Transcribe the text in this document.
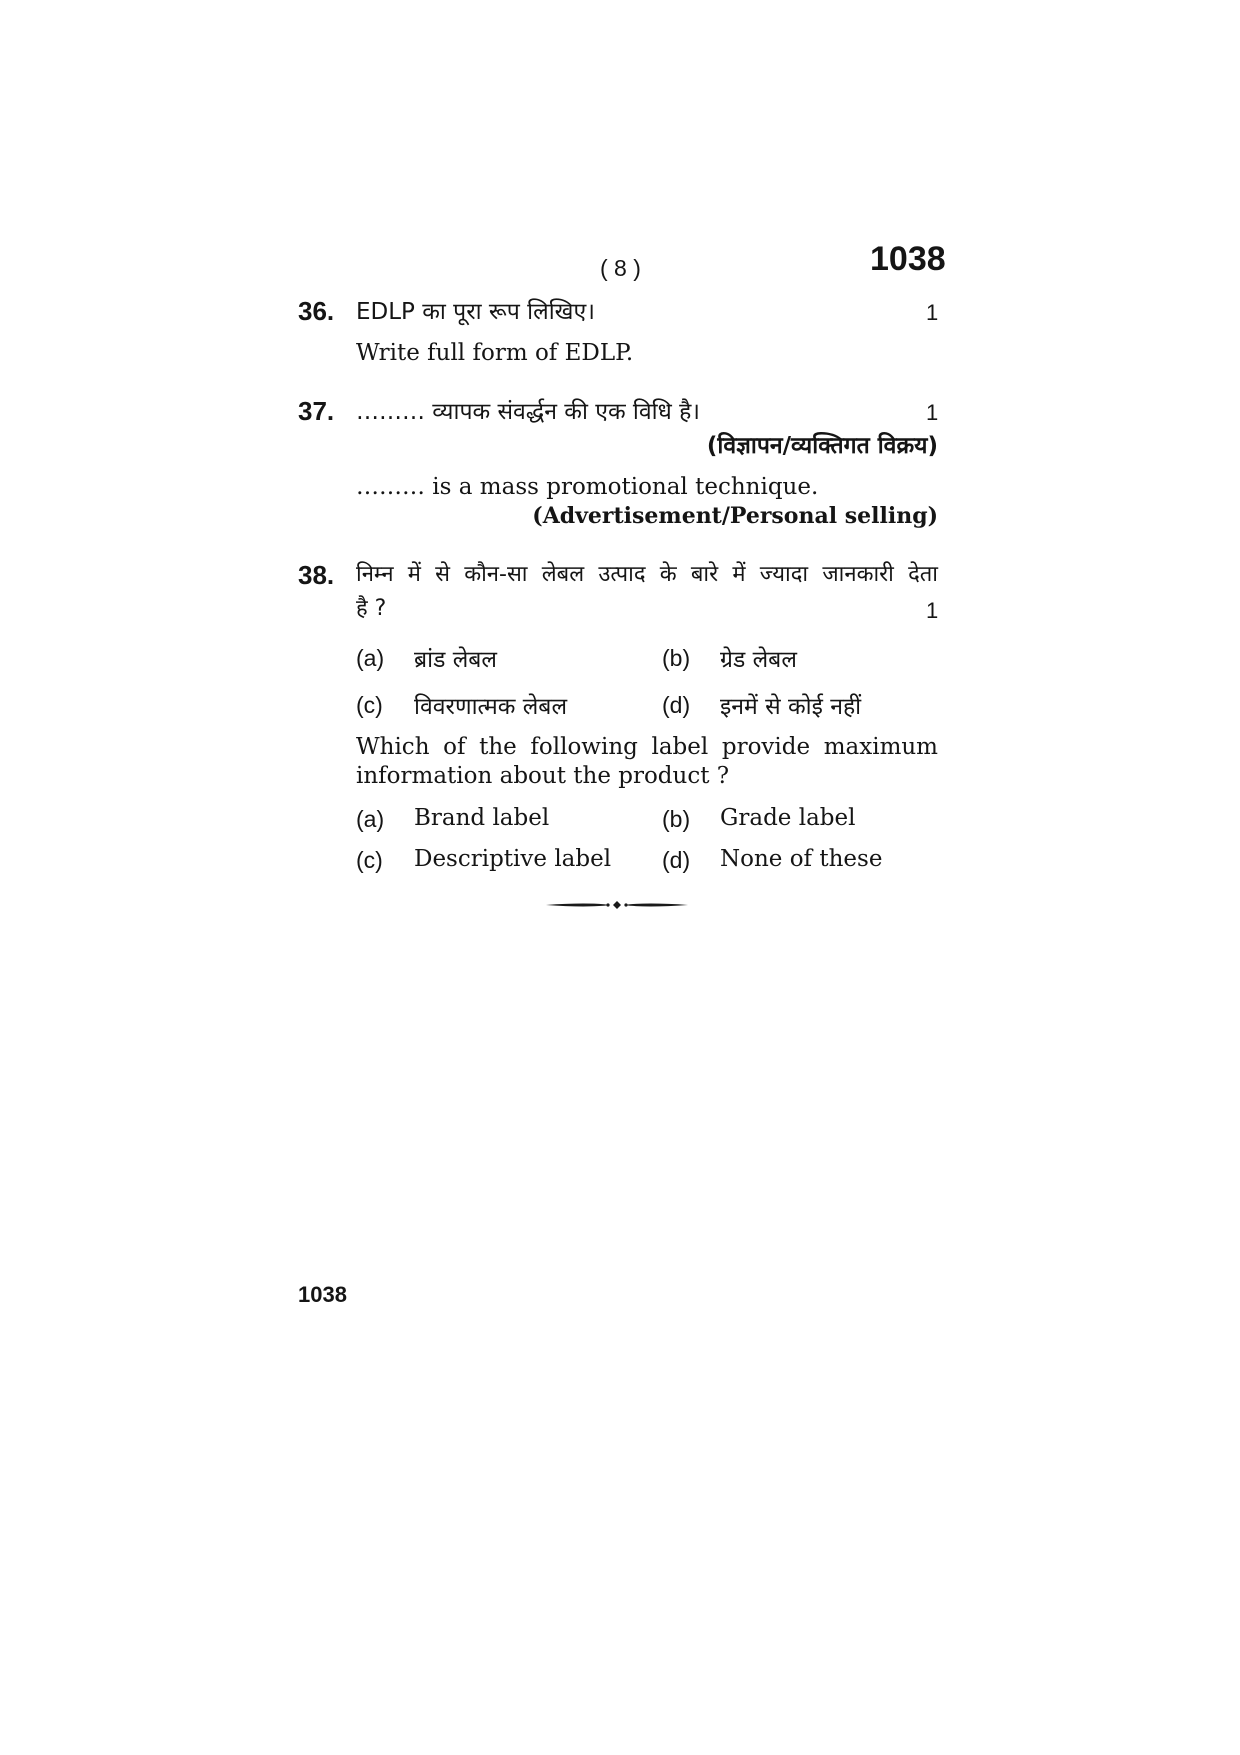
( 8 )	1038
36. EDLP का पूरा रूप लिखिए।	1
Write full form of EDLP.
37. ……… व्यापक संवर्द्धन की एक विधि है।	1
(विज्ञापन/व्यक्तिगत विक्रय)
……… is a mass promotional technique.
(Advertisement/Personal selling)
38. निम्न में से कौन-सा लेबल उत्पाद के बारे में ज्यादा जानकारी देता
है ?	1
(a) ब्रांड लेबल	(b) ग्रेड लेबल
(c) विवरणात्मक लेबल	(d) इनमें से कोई नहीं
Which of the following label provide maximum
information about the product ?
(a) Brand label	(b) Grade label
(c) Descriptive label (d) None of these
1038
